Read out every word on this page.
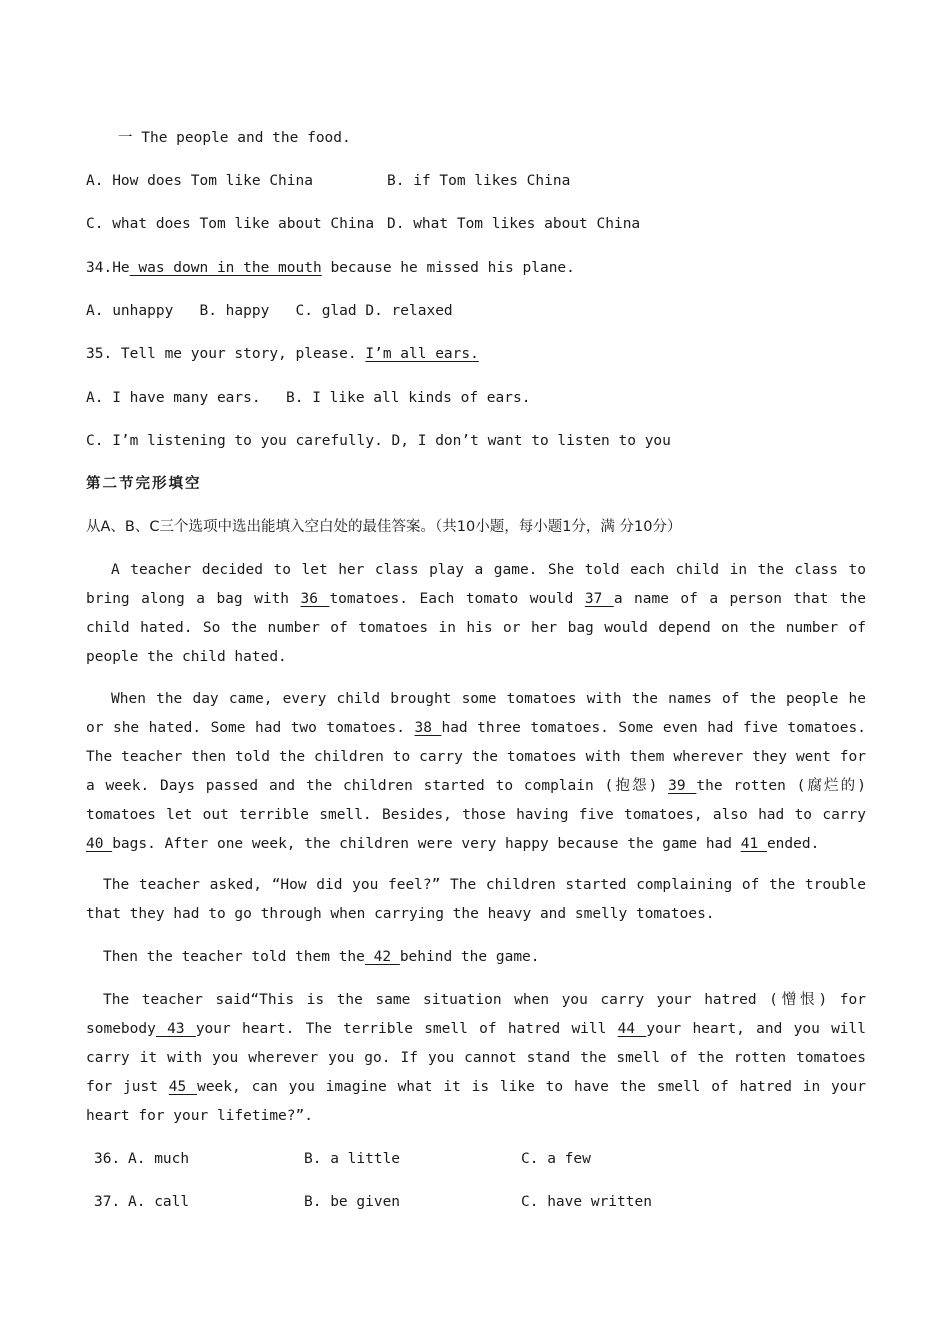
一 The people and the food.
A. How does Tom like China	B. if Tom likes China
C. what does Tom like about China D. what Tom likes about China
34.He was down in the mouth because he missed his plane.
A. unhappy   B. happy   C. glad D. relaxed
35. Tell me your story, please. I’m all ears.
A. I have many ears. B. I like all kinds of ears.
C. I’m listening to you carefully. D, I don’t want to listen to you
第二节完形填空
从A、B、C三个选项中选出能填入空白处的最佳答案。（共10小题，每小题1分，满 分10分）
A teacher decided to let her class play a game. She told each child in the class to bring along a bag with 36 tomatoes. Each tomato would 37 a name of a person that the child hated. So the number of tomatoes in his or her bag would depend on the number of people the child hated.
When the day came, every child brought some tomatoes with the names of the people he or she hated. Some had two tomatoes. 38 had three tomatoes. Some even had five tomatoes. The teacher then told the children to carry the tomatoes with them wherever they went for a week. Days passed and the children started to complain (抱怨) 39 the rotten (腐烂的) tomatoes let out terrible smell. Besides, those having five tomatoes, also had to carry 40 bags. After one week, the children were very happy because the game had 41 ended.
The teacher asked, “How did you feel?” The children started complaining of the trouble that they had to go through when carrying the heavy and smelly tomatoes.
Then the teacher told them the 42 behind the game.
The teacher said“This is the same situation when you carry your hatred (憎恨) for somebody 43 your heart. The terrible smell of hatred will 44 your heart, and you will carry it with you wherever you go. If you cannot stand the smell of the rotten tomatoes for just 45 week, can you imagine what it is like to have the smell of hatred in your heart for your lifetime?”.
36. A. much	B. a little	C. a few
37. A. call	B. be given	C. have written
